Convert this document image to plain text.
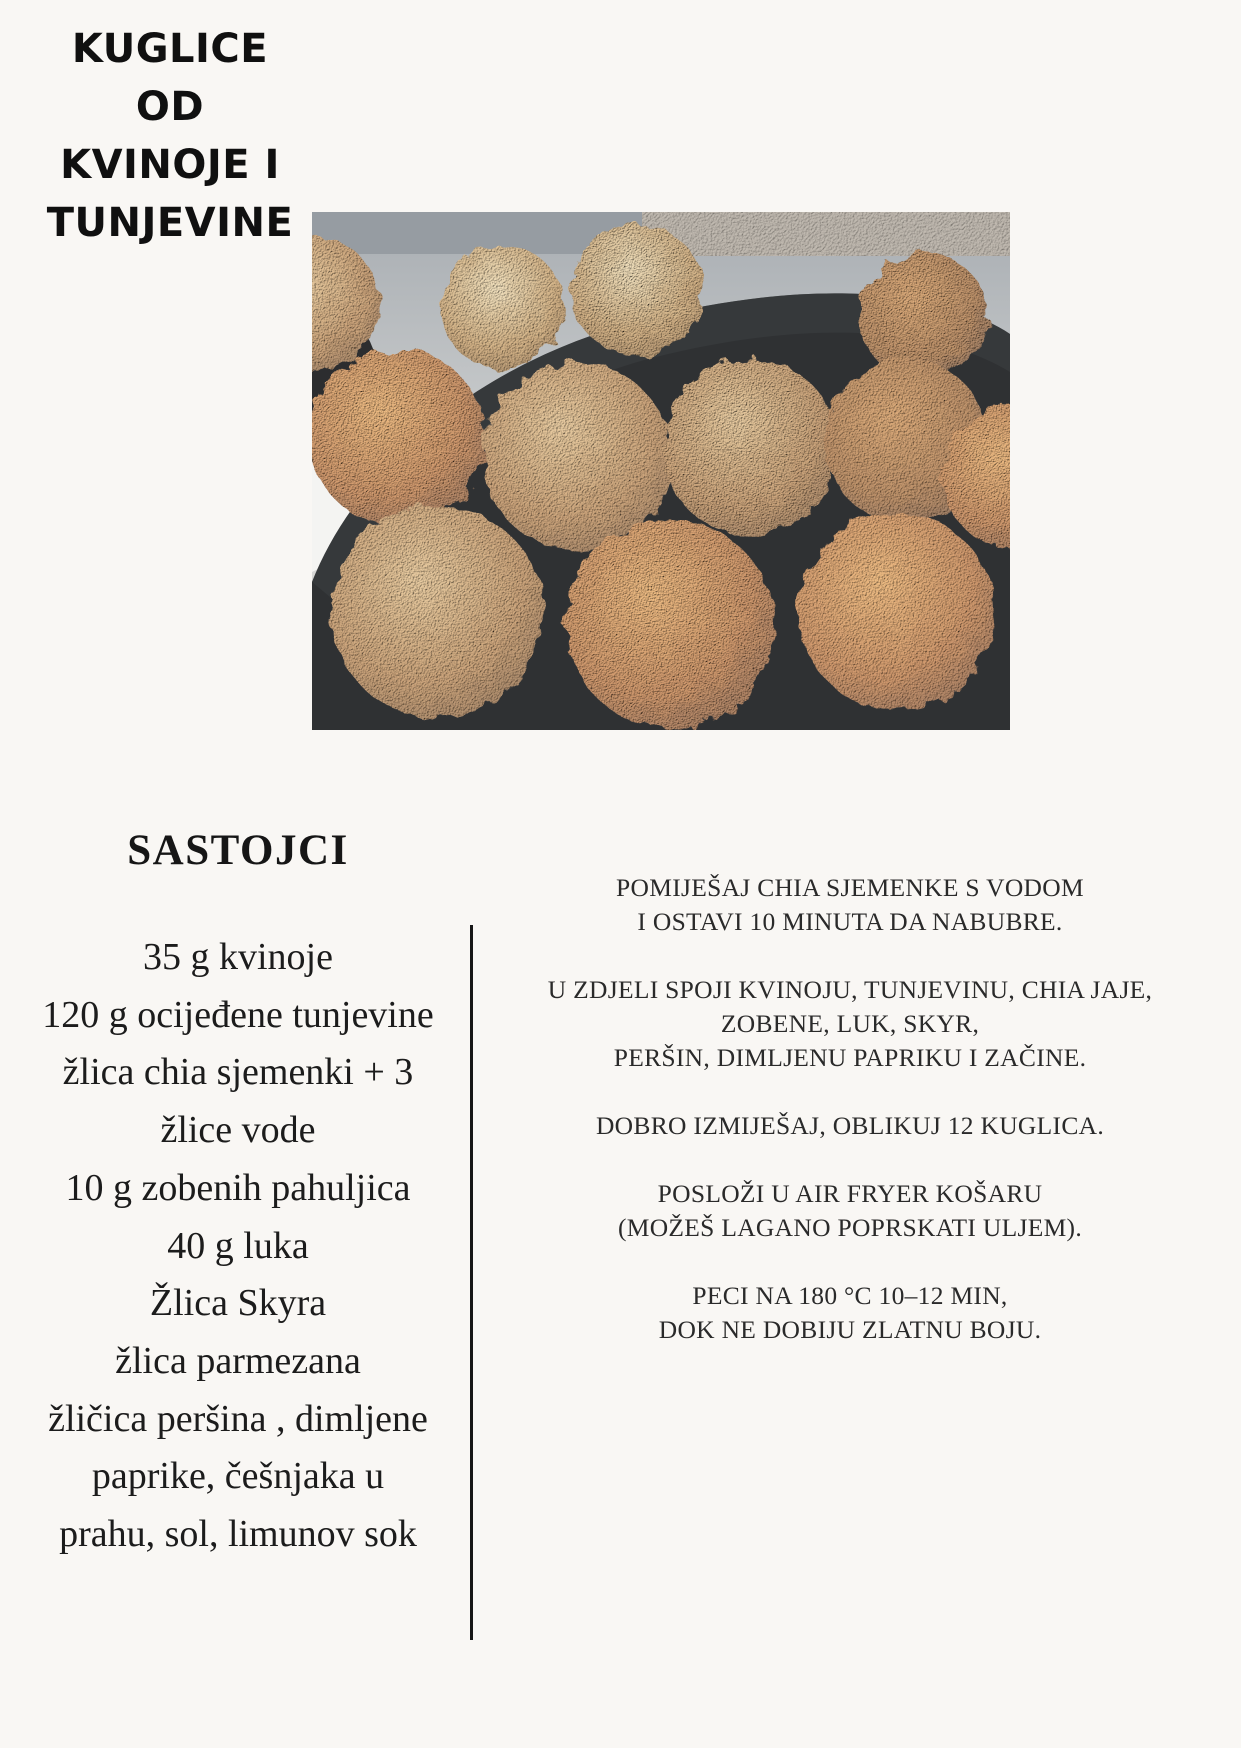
KUGLICE OD
KVINOJE I
TUNJEVINE
SASTOJCI
35 g kvinoje
120 g ocijeđene tunjevine
žlica chia sjemenki + 3
žlice vode
10 g zobenih pahuljica
40 g luka
Žlica Skyra
žlica parmezana
žličica peršina , dimljene
paprike, češnjaka u
prahu, sol, limunov sok
POMIJEŠAJ CHIA SJEMENKE S VODOM
I OSTAVI 10 MINUTA DA NABUBRE.
U ZDJELI SPOJI KVINOJU, TUNJEVINU, CHIA JAJE,
ZOBENE, LUK, SKYR,
PERŠIN, DIMLJENU PAPRIKU I ZAČINE.
DOBRO IZMIJEŠAJ, OBLIKUJ 12 KUGLICA.
POSLOŽI U AIR FRYER KOŠARU
(MOŽEŠ LAGANO POPRSKATI ULJEM).
PECI NA 180 °C 10–12 MIN,
DOK NE DOBIJU ZLATNU BOJU.
